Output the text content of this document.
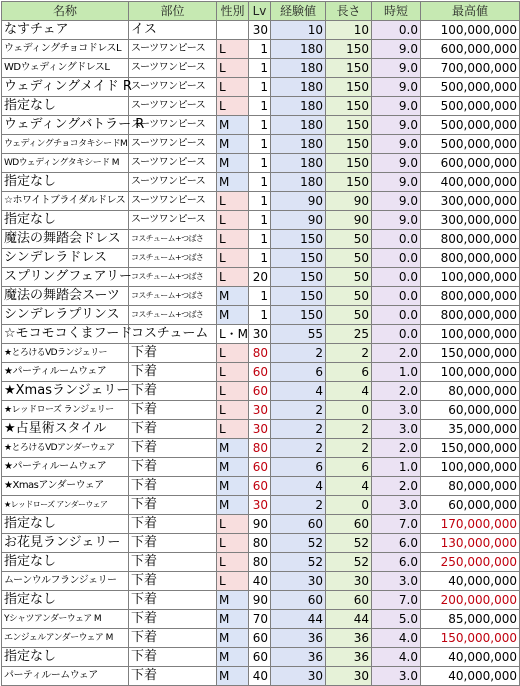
名称	部位	性別	Lv	経験値	長さ	時短	最高値
なすチェア	イス		30	10	10	0.0	100,000,000
ウェディングチョコドレスL	スーツワンピース	L	1	180	150	9.0	600,000,000
WDウェディングドレスL	スーツワンピース	L	1	180	150	9.0	700,000,000
ウェディングメイド R	スーツワンピース	L	1	180	150	9.0	500,000,000
指定なし	スーツワンピース	L	1	180	150	9.0	500,000,000
ウェディングバトラー R	スーツワンピース	M	1	180	150	9.0	500,000,000
ウェディングチョコタキシードM	スーツワンピース	M	1	180	150	9.0	500,000,000
WDウェディングタキシード M	スーツワンピース	M	1	180	150	9.0	600,000,000
指定なし	スーツワンピース	M	1	180	150	9.0	400,000,000
☆ホワイトブライダルドレス	スーツワンピース	L	1	90	90	9.0	300,000,000
指定なし	スーツワンピース	L	1	90	90	9.0	300,000,000
魔法の舞踏会ドレス	コスチューム+つばさ	L	1	150	50	0.0	800,000,000
シンデレラドレス	コスチューム+つばさ	L	1	150	50	0.0	800,000,000
スプリングフェアリー	コスチューム+つばさ	L	20	150	50	0.0	100,000,000
魔法の舞踏会スーツ	コスチューム+つばさ	M	1	150	50	0.0	800,000,000
シンデレラプリンス	コスチューム+つばさ	M	1	150	50	0.0	800,000,000
☆モコモコくまフード	コスチューム	L・M	30	55	25	0.0	100,000,000
★とろけるVDランジェリー	下着	L	80	2	2	2.0	150,000,000
★パーティルームウェア	下着	L	60	6	6	1.0	100,000,000
★Xmasランジェリー	下着	L	60	4	4	2.0	80,000,000
★レッドローズ ランジェリー	下着	L	30	2	0	3.0	60,000,000
★占星術スタイル	下着	L	30	2	2	3.0	35,000,000
★とろけるVDアンダーウェア	下着	M	80	2	2	2.0	150,000,000
★パーティルームウェア	下着	M	60	6	6	1.0	100,000,000
★Xmasアンダーウェア	下着	M	60	4	4	2.0	80,000,000
★レッドローズ アンダーウェア	下着	M	30	2	0	3.0	60,000,000
指定なし	下着	L	90	60	60	7.0	170,000,000
お花見ランジェリー	下着	L	80	52	52	6.0	130,000,000
指定なし	下着	L	80	52	52	6.0	250,000,000
ムーンウルフランジェリー	下着	L	40	30	30	3.0	40,000,000
指定なし	下着	M	90	60	60	7.0	200,000,000
Yシャツアンダーウェア M	下着	M	70	44	44	5.0	85,000,000
エンジェルアンダーウェア M	下着	M	60	36	36	4.0	150,000,000
指定なし	下着	M	60	36	36	4.0	40,000,000
パーティルームウェア	下着	M	40	30	30	3.0	40,000,000
